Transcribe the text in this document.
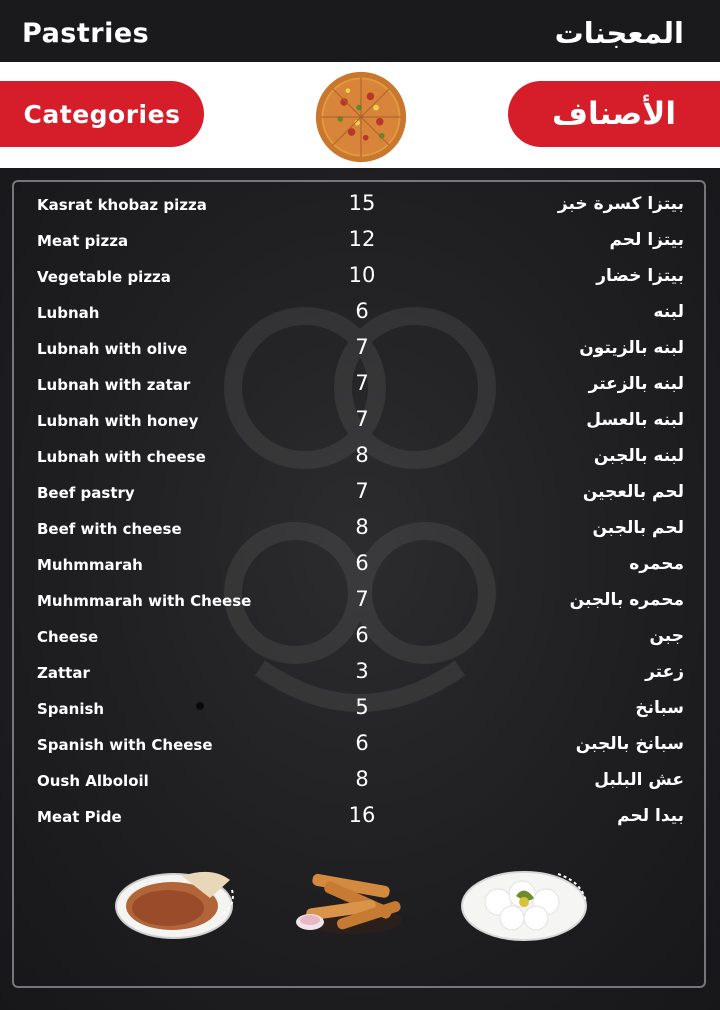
Pastries	المعجنات
Categories	الأصناف
Kasrat khobaz pizza	15	بيتزا كسرة خبز
Meat pizza	12	بيتزا لحم
Vegetable pizza	10	بيتزا خضار
Lubnah	6	لبنه
Lubnah with olive	7	لبنه بالزيتون
Lubnah with zatar	7	لبنه بالزعتر
Lubnah with honey	7	لبنه بالعسل
Lubnah with cheese	8	لبنه بالجبن
Beef pastry	7	لحم بالعجين
Beef with cheese	8	لحم بالجبن
Muhmmarah	6	محمره
Muhmmarah with Cheese	7	محمره بالجبن
Cheese	6	جبن
Zattar	3	زعتر
Spanish	5	سبانخ
Spanish with Cheese	6	سبانخ بالجبن
Oush Alboloil	8	عش البلبل
Meat Pide	16	بيدا لحم
